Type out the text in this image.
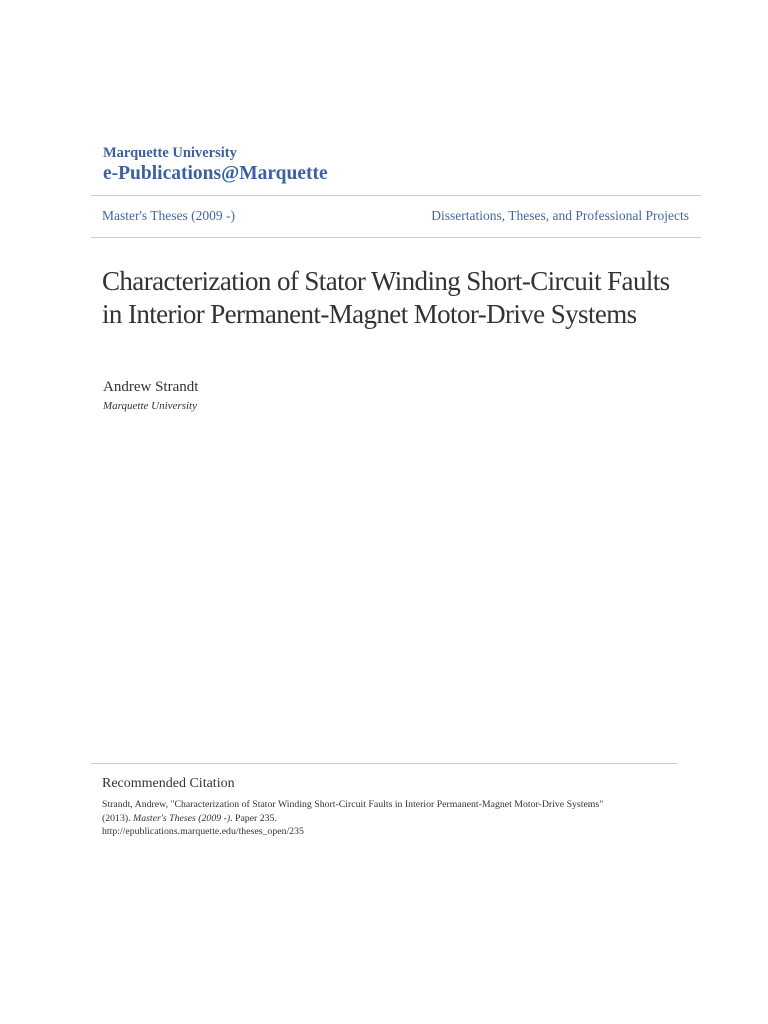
Marquette University
e-Publications@Marquette
Master's Theses (2009 -)	Dissertations, Theses, and Professional Projects
Characterization of Stator Winding Short-Circuit Faults in Interior Permanent-Magnet Motor-Drive Systems
Andrew Strandt
Marquette University
Recommended Citation
Strandt, Andrew, "Characterization of Stator Winding Short-Circuit Faults in Interior Permanent-Magnet Motor-Drive Systems"
(2013). Master's Theses (2009 -). Paper 235.
http://epublications.marquette.edu/theses_open/235
